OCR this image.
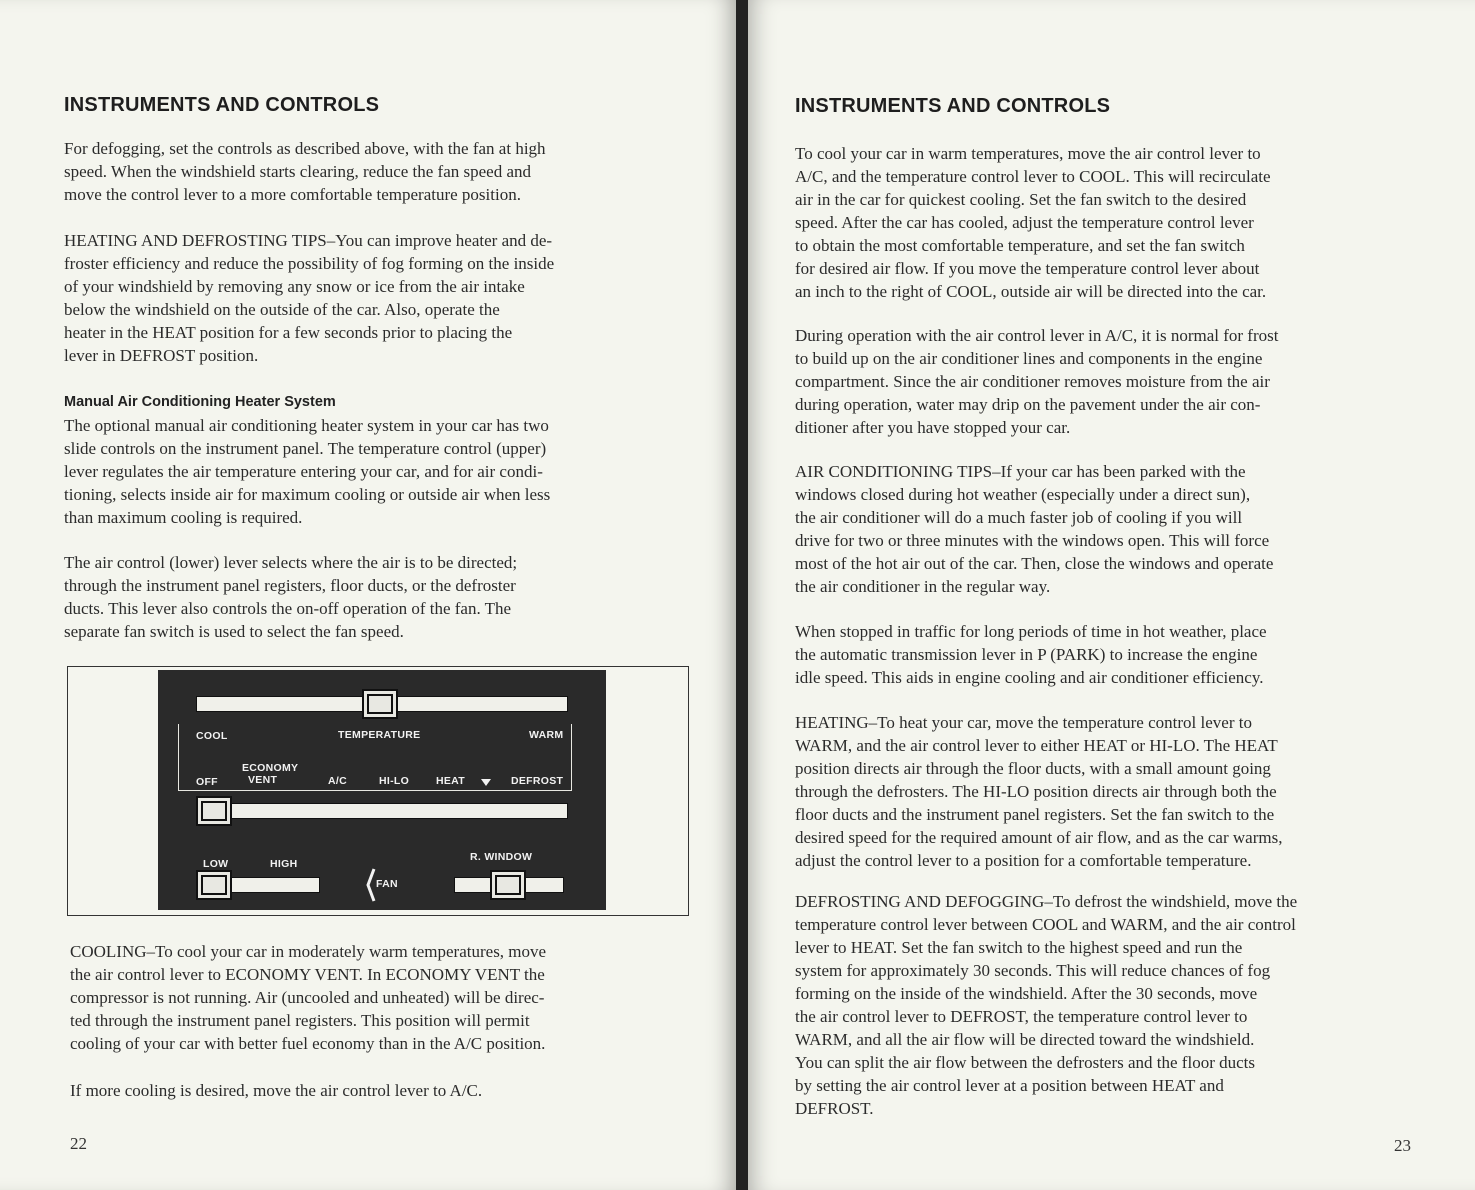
INSTRUMENTS AND CONTROLS
For defogging, set the controls as described above, with the fan at high
speed. When the windshield starts clearing, reduce the fan speed and
move the control lever to a more comfortable temperature position.
HEATING AND DEFROSTING TIPS–You can improve heater and de-
froster efficiency and reduce the possibility of fog forming on the inside
of your windshield by removing any snow or ice from the air intake
below the windshield on the outside of the car. Also, operate the
heater in the HEAT position for a few seconds prior to placing the
lever in DEFROST position.
Manual Air Conditioning Heater System
The optional manual air conditioning heater system in your car has two
slide controls on the instrument panel. The temperature control (upper)
lever regulates the air temperature entering your car, and for air condi-
tioning, selects inside air for maximum cooling or outside air when less
than maximum cooling is required.
The air control (lower) lever selects where the air is to be directed;
through the instrument panel registers, floor ducts, or the defroster
ducts. This lever also controls the on-off operation of the fan. The
separate fan switch is used to select the fan speed.
COOL	TEMPERATURE	WARM
ECONOMY
VENT
OFF	A/C	HI-LO	HEAT	DEFROST
LOW	HIGH
FAN
R. WINDOW
COOLING–To cool your car in moderately warm temperatures, move
the air control lever to ECONOMY VENT. In ECONOMY VENT the
compressor is not running. Air (uncooled and unheated) will be direc-
ted through the instrument panel registers. This position will permit
cooling of your car with better fuel economy than in the A/C position.
If more cooling is desired, move the air control lever to A/C.
22
INSTRUMENTS AND CONTROLS
To cool your car in warm temperatures, move the air control lever to
A/C, and the temperature control lever to COOL. This will recirculate
air in the car for quickest cooling. Set the fan switch to the desired
speed. After the car has cooled, adjust the temperature control lever
to obtain the most comfortable temperature, and set the fan switch
for desired air flow. If you move the temperature control lever about
an inch to the right of COOL, outside air will be directed into the car.
During operation with the air control lever in A/C, it is normal for frost
to build up on the air conditioner lines and components in the engine
compartment. Since the air conditioner removes moisture from the air
during operation, water may drip on the pavement under the air con-
ditioner after you have stopped your car.
AIR CONDITIONING TIPS–If your car has been parked with the
windows closed during hot weather (especially under a direct sun),
the air conditioner will do a much faster job of cooling if you will
drive for two or three minutes with the windows open. This will force
most of the hot air out of the car. Then, close the windows and operate
the air conditioner in the regular way.
When stopped in traffic for long periods of time in hot weather, place
the automatic transmission lever in P (PARK) to increase the engine
idle speed. This aids in engine cooling and air conditioner efficiency.
HEATING–To heat your car, move the temperature control lever to
WARM, and the air control lever to either HEAT or HI-LO. The HEAT
position directs air through the floor ducts, with a small amount going
through the defrosters. The HI-LO position directs air through both the
floor ducts and the instrument panel registers. Set the fan switch to the
desired speed for the required amount of air flow, and as the car warms,
adjust the control lever to a position for a comfortable temperature.
DEFROSTING AND DEFOGGING–To defrost the windshield, move the
temperature control lever between COOL and WARM, and the air control
lever to HEAT. Set the fan switch to the highest speed and run the
system for approximately 30 seconds. This will reduce chances of fog
forming on the inside of the windshield. After the 30 seconds, move
the air control lever to DEFROST, the temperature control lever to
WARM, and all the air flow will be directed toward the windshield.
You can split the air flow between the defrosters and the floor ducts
by setting the air control lever at a position between HEAT and
DEFROST.
23
